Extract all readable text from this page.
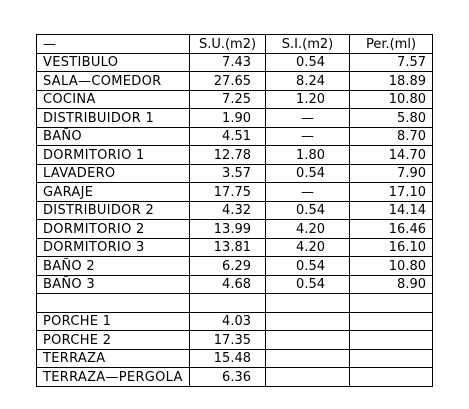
—	S.U.(m2)	S.I.(m2)	Per.(ml)
VESTIBULO	7.43	0.54	7.57
SALA—COMEDOR	27.65	8.24	18.89
COCINA	7.25	1.20	10.80
DISTRIBUIDOR 1	1.90	—	5.80
BAÑO	4.51	—	8.70
DORMITORIO 1	12.78	1.80	14.70
LAVADERO	3.57	0.54	7.90
GARAJE	17.75	—	17.10
DISTRIBUIDOR 2	4.32	0.54	14.14
DORMITORIO 2	13.99	4.20	16.46
DORMITORIO 3	13.81	4.20	16.10
BAÑO 2	6.29	0.54	10.80
BAÑO 3	4.68	0.54	8.90

PORCHE 1	4.03		
PORCHE 2	17.35		
TERRAZA	15.48		
TERRAZA—PERGOLA	6.36		
